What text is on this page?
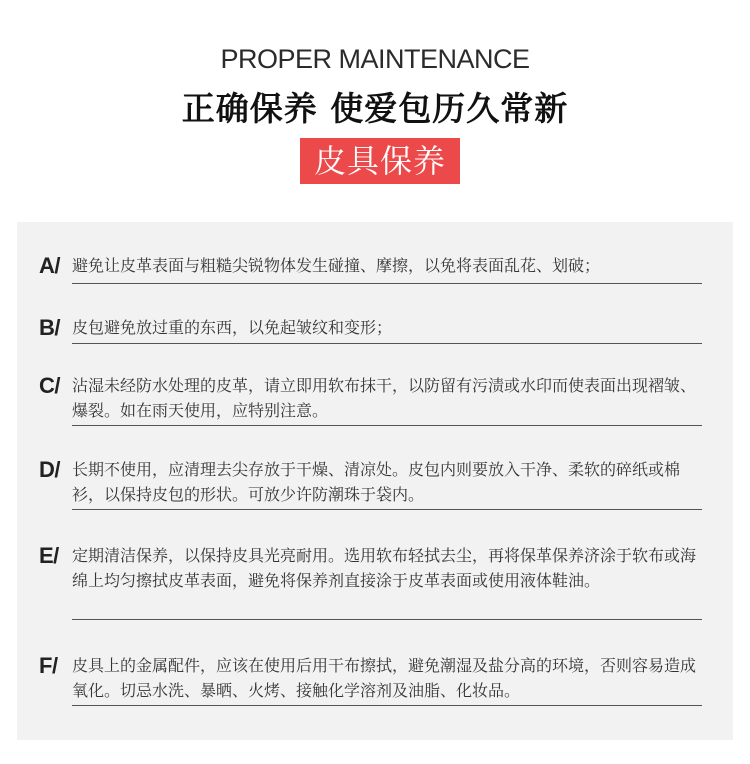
PROPER MAINTENANCE
正确保养 使爱包历久常新
皮具保养
A/ 避免让皮革表面与粗糙尖锐物体发生碰撞、摩擦，以免将表面乱花、划破；
B/ 皮包避免放过重的东西，以免起皱纹和变形；
C/ 沾湿未经防水处理的皮革，请立即用软布抹干，以防留有污渍或水印而使表面出现褶皱、爆裂。如在雨天使用，应特别注意。
D/ 长期不使用，应清理去尖存放于干燥、清凉处。皮包内则要放入干净、柔软的碎纸或棉衫，以保持皮包的形状。可放少许防潮珠于袋内。
E/ 定期清洁保养，以保持皮具光亮耐用。选用软布轻拭去尘，再将保革保养济涂于软布或海绵上均匀擦拭皮革表面，避免将保养剂直接涂于皮革表面或使用液体鞋油。
F/ 皮具上的金属配件，应该在使用后用干布擦拭，避免潮湿及盐分高的环境，否则容易造成氧化。切忌水洗、暴晒、火烤、接触化学溶剂及油脂、化妆品。
